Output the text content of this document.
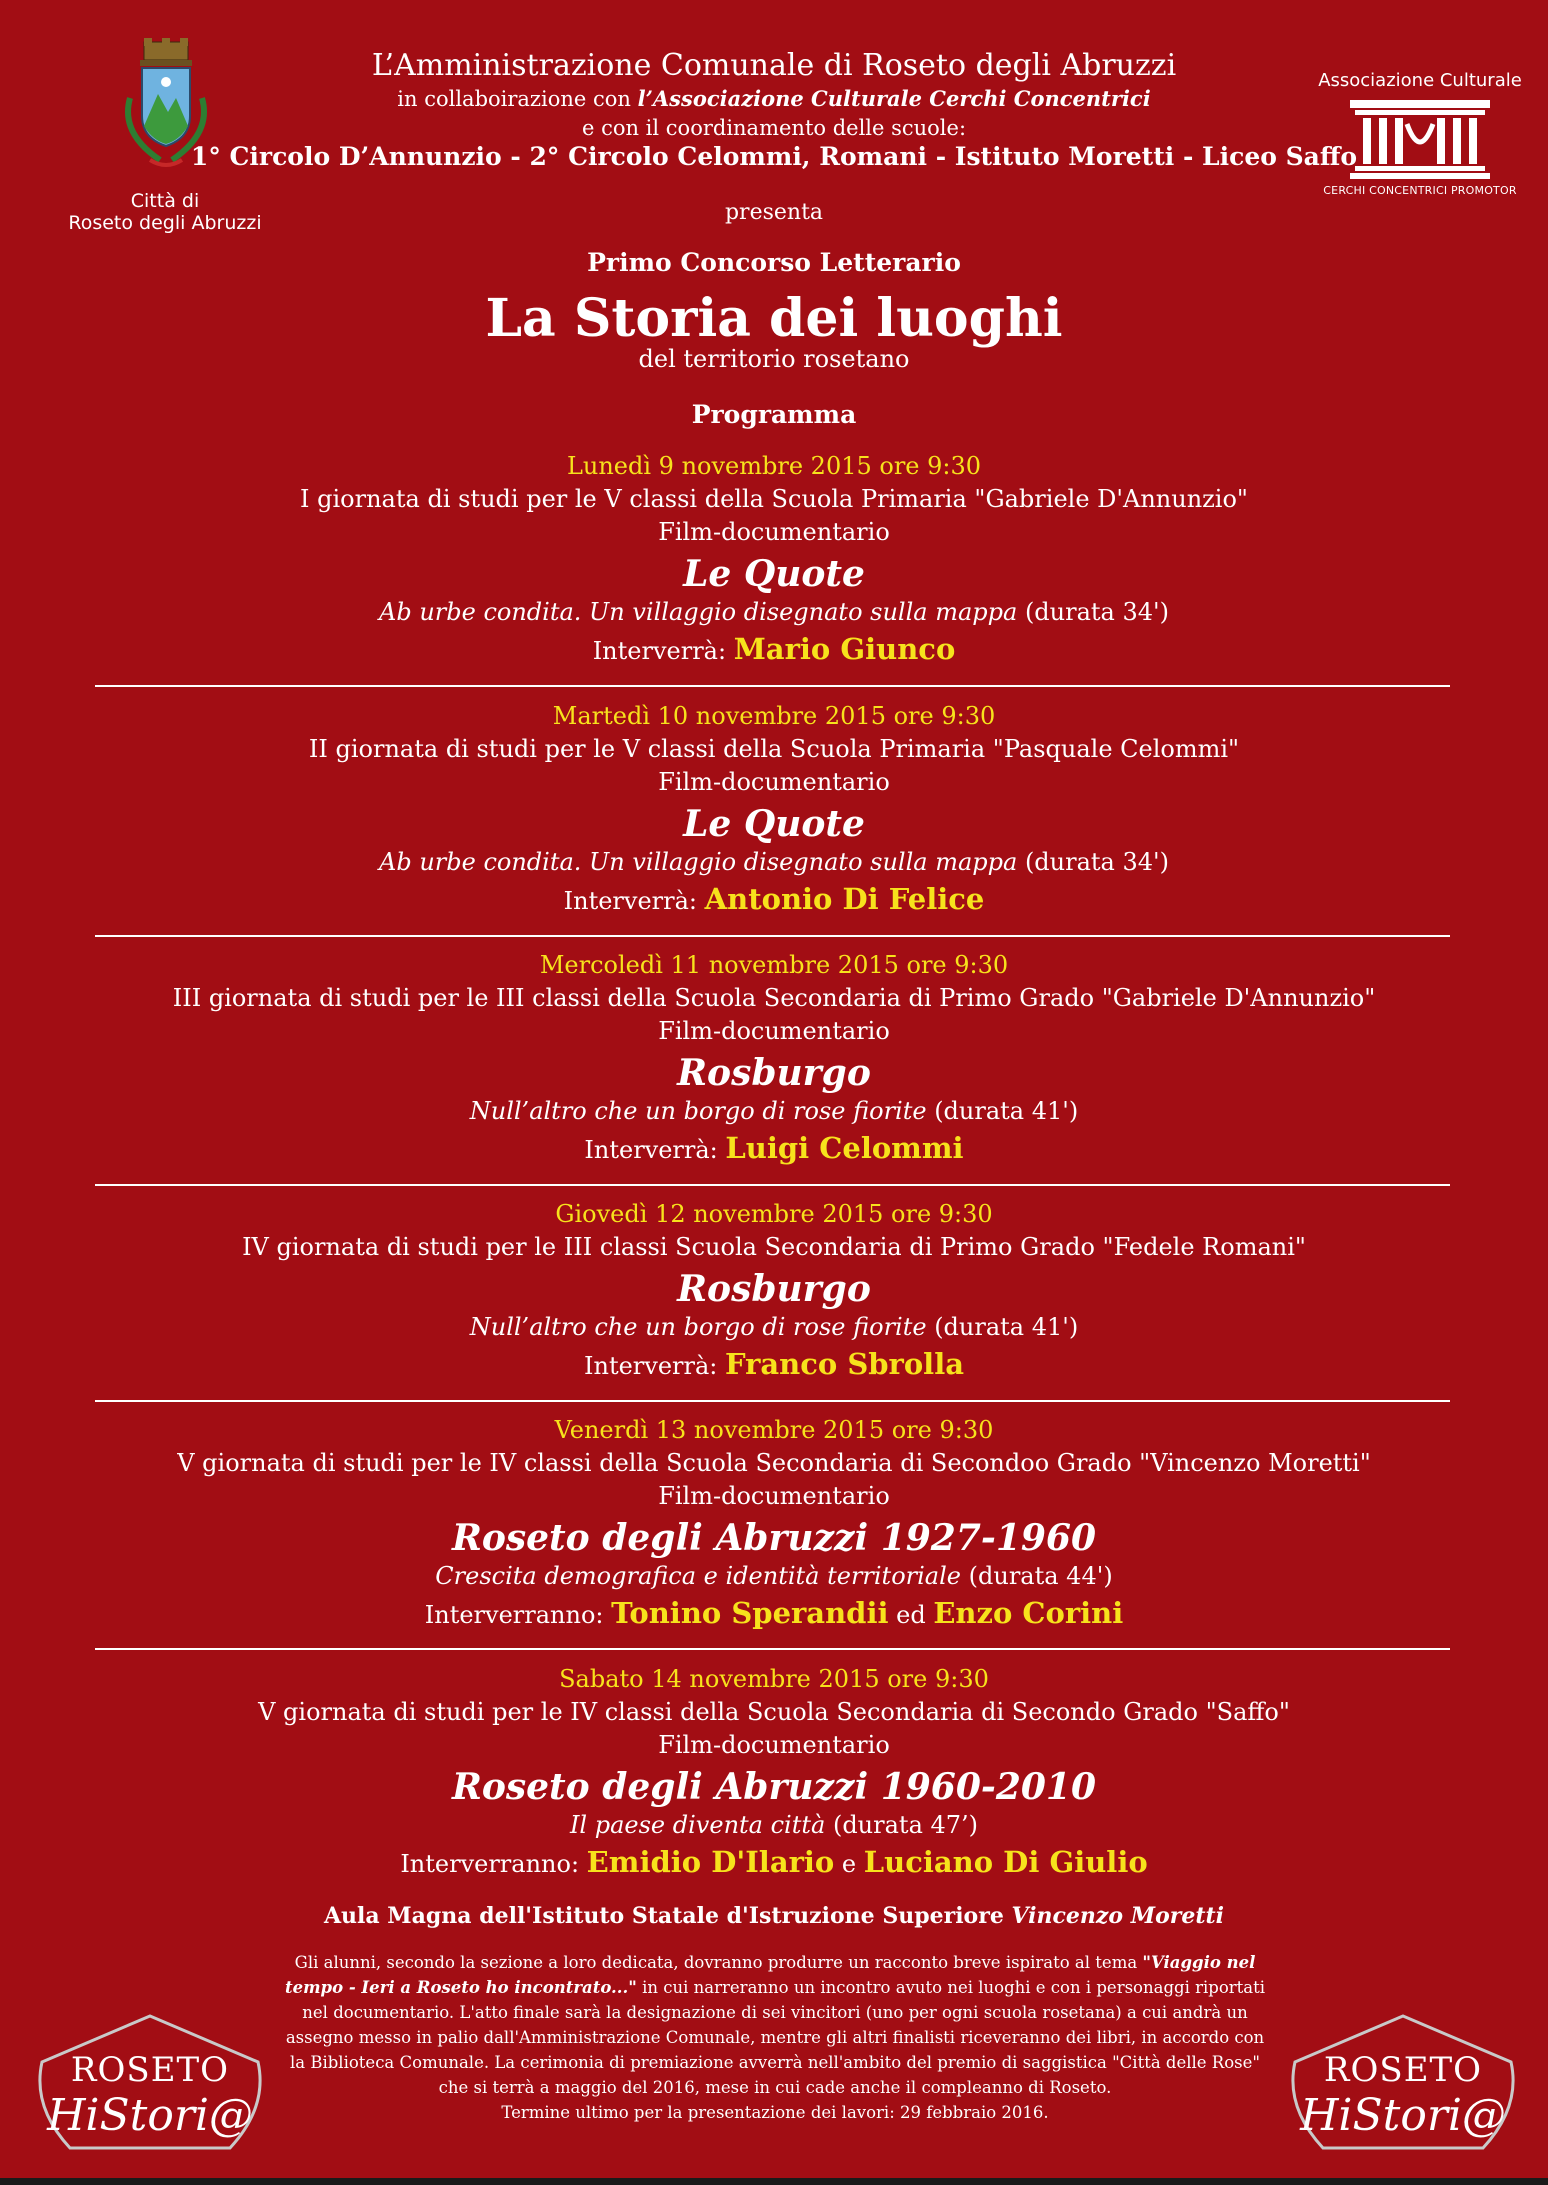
Città di
Roseto degli Abruzzi
Associazione Culturale
CERCHI CONCENTRICI PROMOTOR
L’Amministrazione Comunale di Roseto degli Abruzzi
in collaboirazione con l’Associazione Culturale Cerchi Concentrici
e con il coordinamento delle scuole:
1° Circolo D’Annunzio - 2° Circolo Celommi, Romani - Istituto Moretti - Liceo Saffo
presenta
Primo Concorso Letterario
La Storia dei luoghi
del territorio rosetano
Programma
Lunedì 9 novembre 2015 ore 9:30
I giornata di studi per le V classi della Scuola Primaria "Gabriele D'Annunzio"
Film-documentario
Le Quote
Ab urbe condita. Un villaggio disegnato sulla mappa (durata 34')
Interverrà: Mario Giunco
Martedì 10 novembre 2015 ore 9:30
II giornata di studi per le V classi della Scuola Primaria "Pasquale Celommi"
Film-documentario
Le Quote
Ab urbe condita. Un villaggio disegnato sulla mappa (durata 34')
Interverrà: Antonio Di Felice
Mercoledì 11 novembre 2015 ore 9:30
III giornata di studi per le III classi della Scuola Secondaria di Primo Grado "Gabriele D'Annunzio"
Film-documentario
Rosburgo
Null’altro che un borgo di rose fiorite (durata 41')
Interverrà: Luigi Celommi
Giovedì 12 novembre 2015 ore 9:30
IV giornata di studi per le III classi Scuola Secondaria di Primo Grado "Fedele Romani"
Rosburgo
Null’altro che un borgo di rose fiorite (durata 41')
Interverrà: Franco Sbrolla
Venerdì 13 novembre 2015 ore 9:30
V giornata di studi per le IV classi della Scuola Secondaria di Secondoo Grado "Vincenzo Moretti"
Film-documentario
Roseto degli Abruzzi 1927-1960
Crescita demografica e identità territoriale (durata 44')
Interverranno: Tonino Sperandii ed Enzo Corini
Sabato 14 novembre 2015 ore 9:30
V giornata di studi per le IV classi della Scuola Secondaria di Secondo Grado "Saffo"
Film-documentario
Roseto degli Abruzzi 1960-2010
Il paese diventa città (durata 47’)
Interverranno: Emidio D'Ilario e Luciano Di Giulio
Aula Magna dell'Istituto Statale d'Istruzione Superiore Vincenzo Moretti
Gli alunni, secondo la sezione a loro dedicata, dovranno produrre un racconto breve ispirato al tema "Viaggio nel tempo - Ieri a Roseto ho incontrato..." in cui narreranno un incontro avuto nei luoghi e con i personaggi riportati nel documentario. L'atto finale sarà la designazione di sei vincitori (uno per ogni scuola rosetana) a cui andrà un assegno messo in palio dall'Amministrazione Comunale, mentre gli altri finalisti riceveranno dei libri, in accordo con la Biblioteca Comunale. La cerimonia di premiazione avverrà nell'ambito del premio di saggistica "Città delle Rose" che si terrà a maggio del 2016, mese in cui cade anche il compleanno di Roseto.
Termine ultimo per la presentazione dei lavori: 29 febbraio 2016.
ROSETO
HiStori@
ROSETO
HiStori@
